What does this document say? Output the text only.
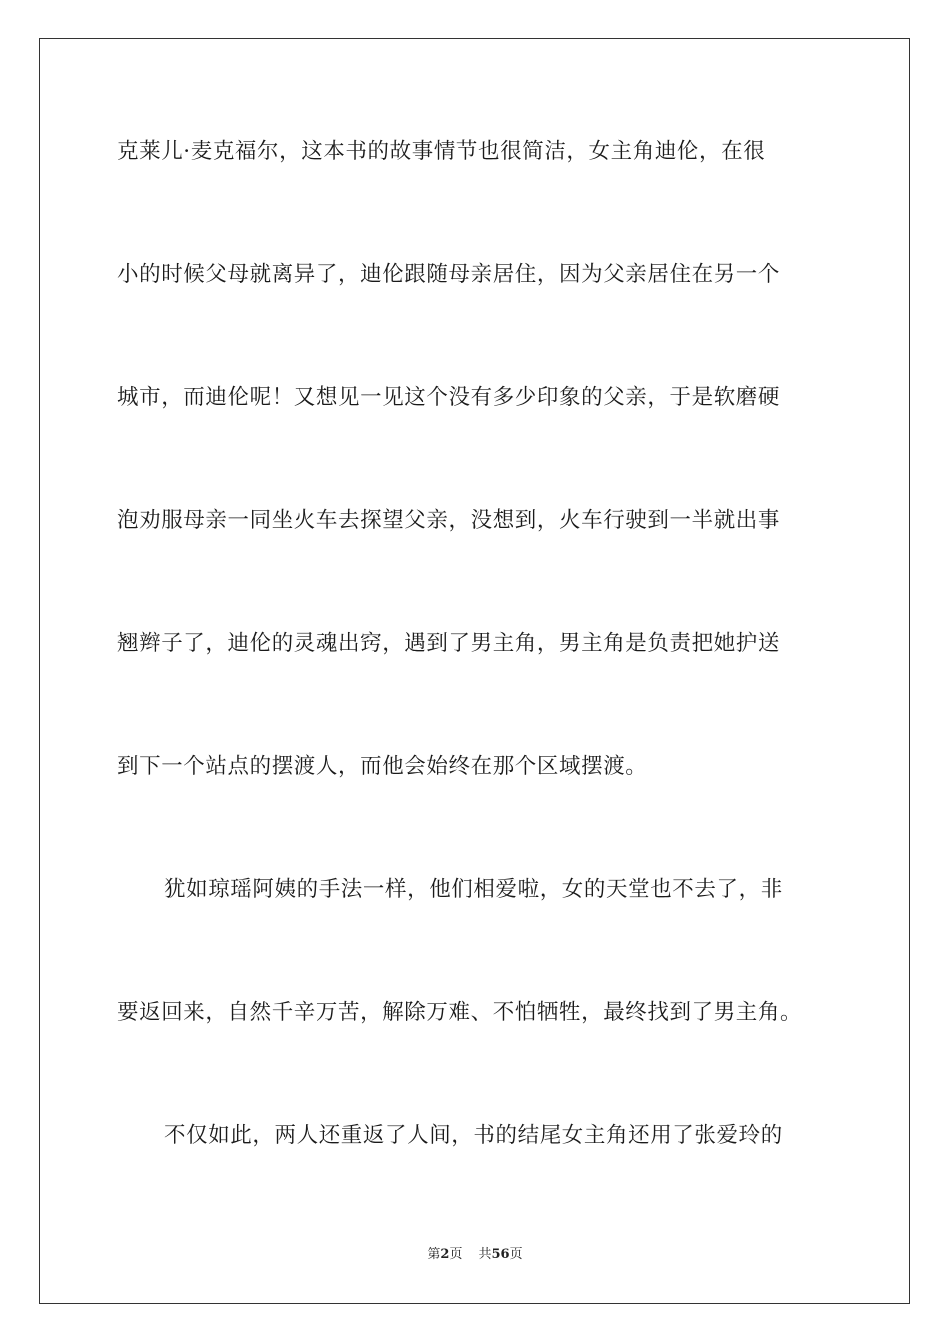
克莱儿·麦克福尔，这本书的故事情节也很简洁，女主角迪伦，在很
小的时候父母就离异了，迪伦跟随母亲居住，因为父亲居住在另一个
城市，而迪伦呢！又想见一见这个没有多少印象的父亲，于是软磨硬
泡劝服母亲一同坐火车去探望父亲，没想到，火车行驶到一半就出事
翘辫子了，迪伦的灵魂出窍，遇到了男主角，男主角是负责把她护送
到下一个站点的摆渡人，而他会始终在那个区域摆渡。
犹如琼瑶阿姨的手法一样，他们相爱啦，女的天堂也不去了，非
要返回来，自然千辛万苦，解除万难、不怕牺牲，最终找到了男主角。
不仅如此，两人还重返了人间，书的结尾女主角还用了张爱玲的
第2页 共56页
